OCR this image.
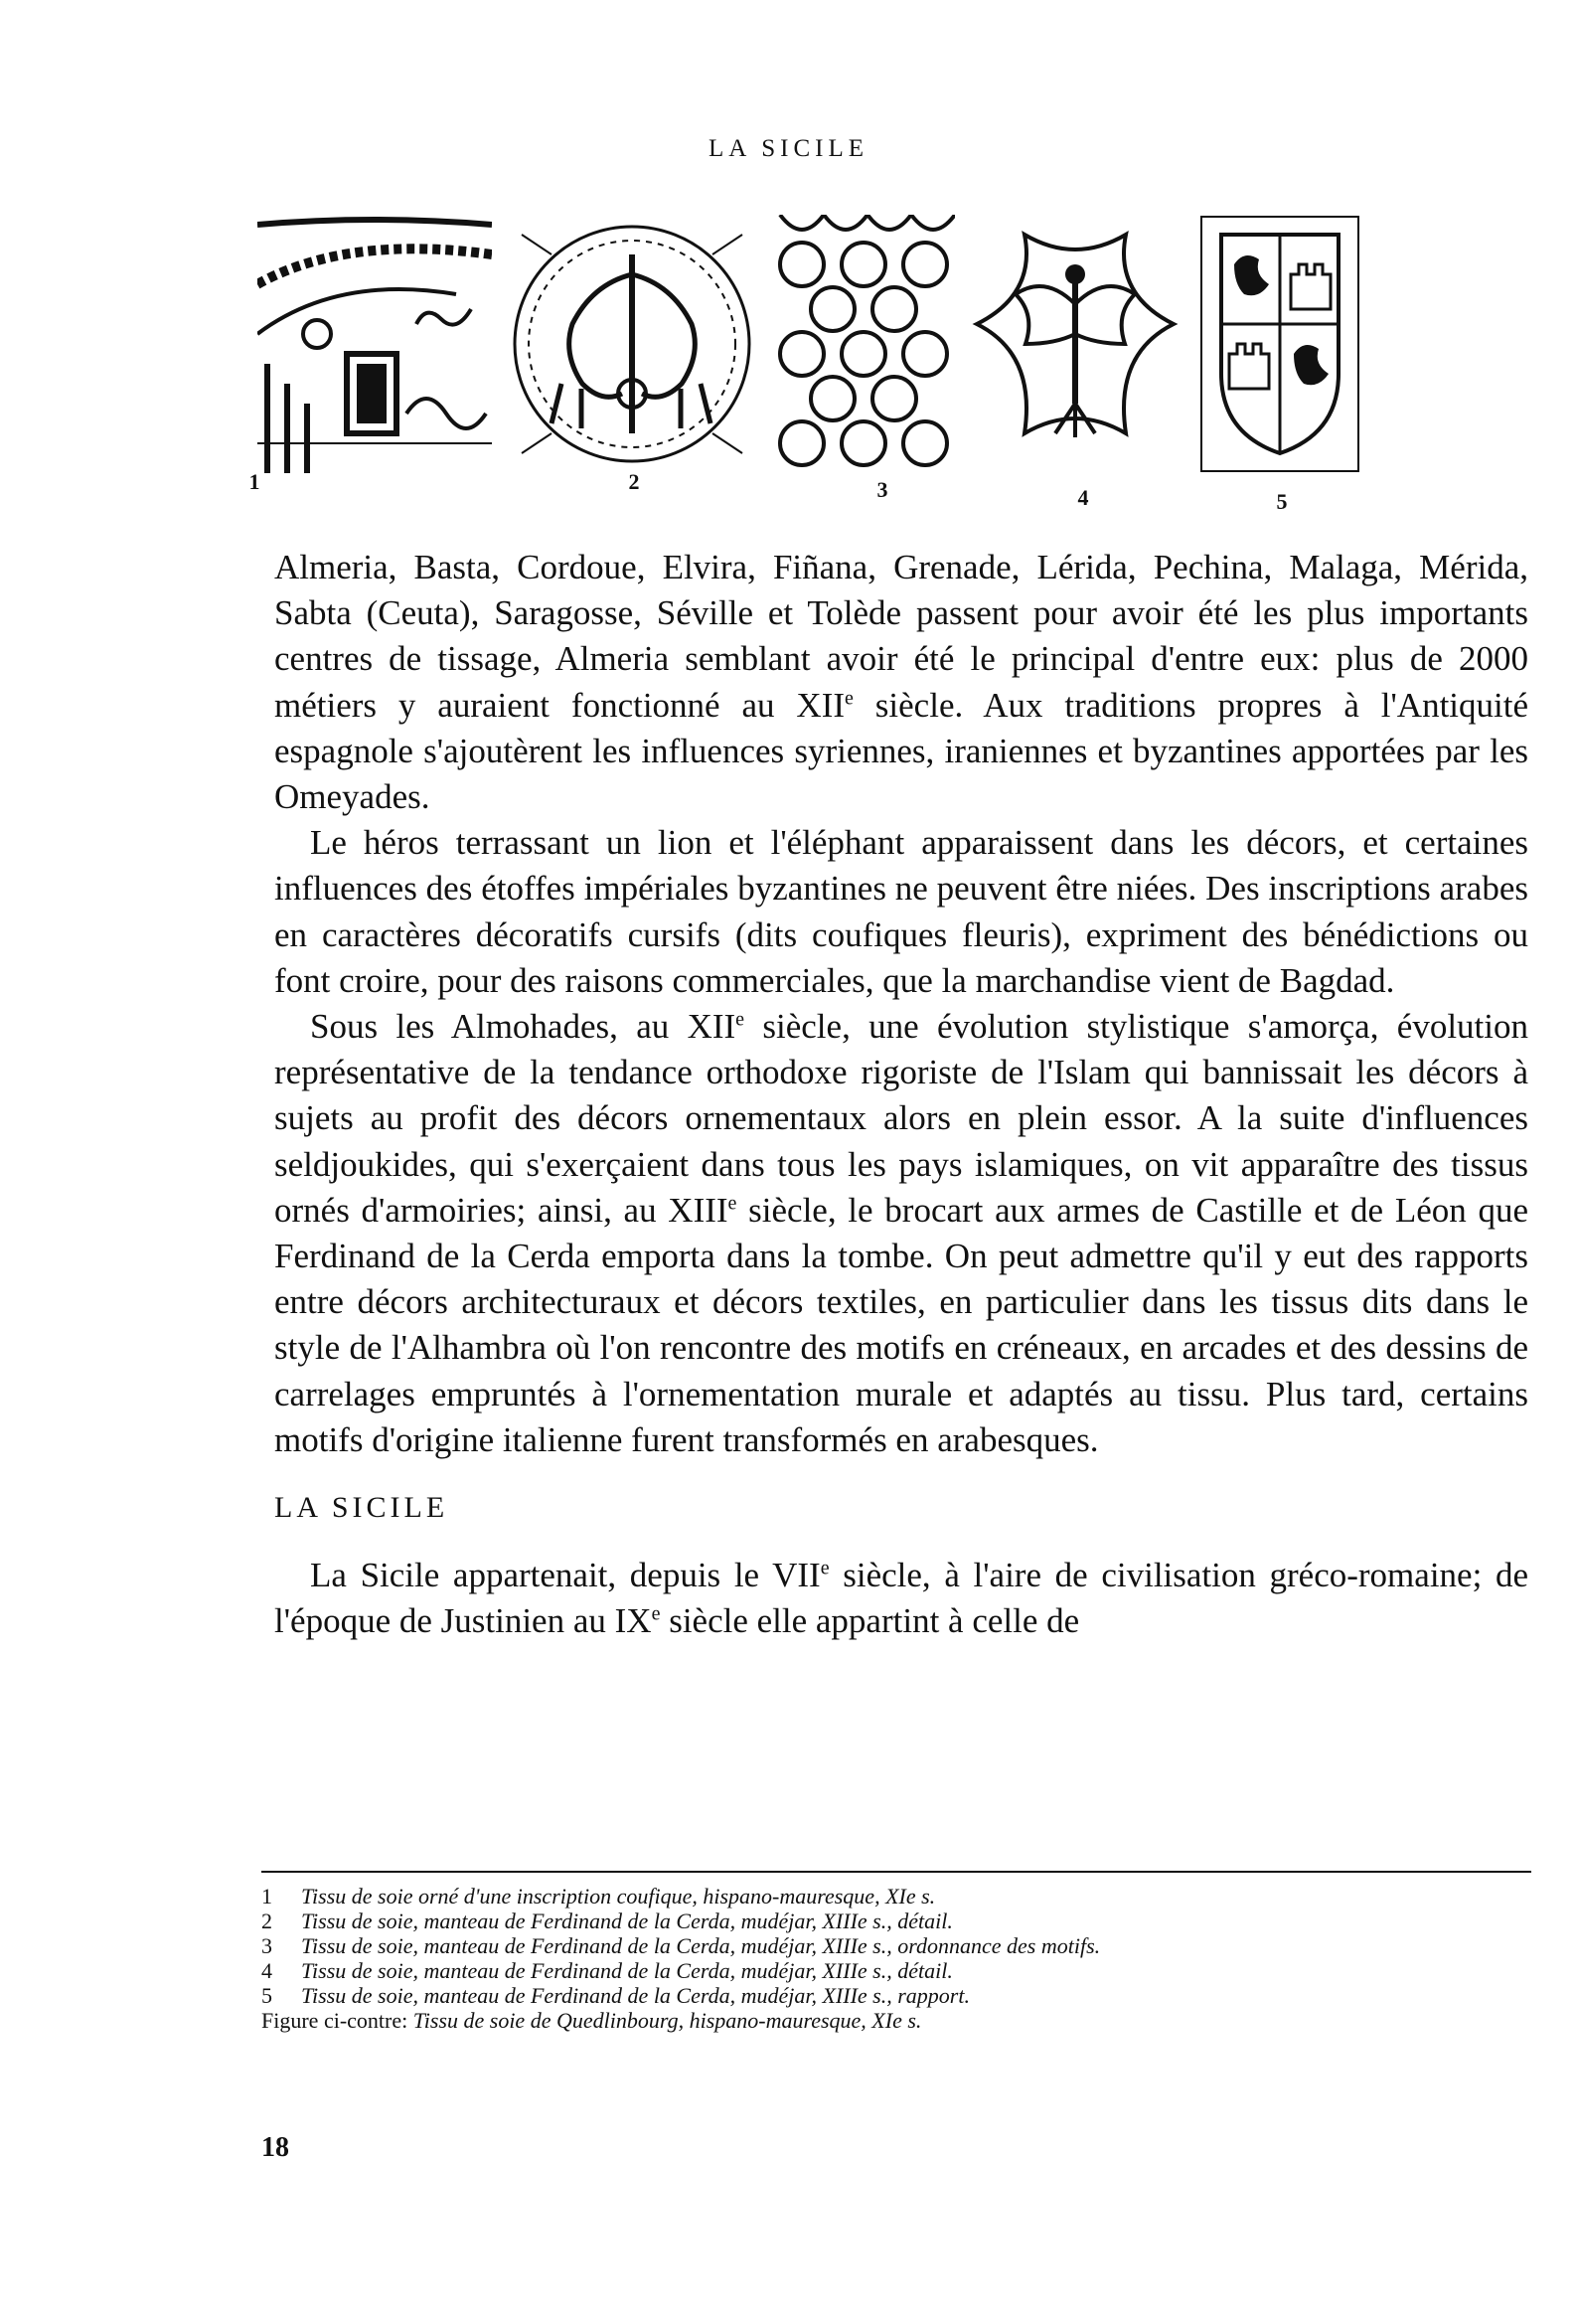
LA SICILE
1	2	3	4	5

Almeria, Basta, Cordoue, Elvira, Fiñana, Grenade, Lérida, Pechina, Malaga, Mérida, Sabta (Ceuta), Saragosse, Séville et Tolède passent pour avoir été les plus importants centres de tissage, Almeria semblant avoir été le principal d'entre eux: plus de 2000 métiers y auraient fonctionné au XIIe siècle. Aux traditions propres à l'Antiquité espagnole s'ajoutèrent les influences syriennes, iraniennes et byzantines apportées par les Omeyades.

Le héros terrassant un lion et l'éléphant apparaissent dans les décors, et certaines influences des étoffes impériales byzantines ne peuvent être niées. Des inscriptions arabes en caractères décoratifs cursifs (dits coufiques fleuris), expriment des bénédictions ou font croire, pour des raisons commerciales, que la marchandise vient de Bagdad.

Sous les Almohades, au XIIe siècle, une évolution stylistique s'amorça, évolution représentative de la tendance orthodoxe rigoriste de l'Islam qui bannissait les décors à sujets au profit des décors ornementaux alors en plein essor. A la suite d'influences seldjoukides, qui s'exerçaient dans tous les pays islamiques, on vit apparaître des tissus ornés d'armoiries; ainsi, au XIIIe siècle, le brocart aux armes de Castille et de Léon que Ferdinand de la Cerda emporta dans la tombe. On peut admettre qu'il y eut des rapports entre décors architecturaux et décors textiles, en particulier dans les tissus dits dans le style de l'Alhambra où l'on rencontre des motifs en créneaux, en arcades et des dessins de carrelages empruntés à l'ornementation murale et adaptés au tissu. Plus tard, certains motifs d'origine italienne furent transformés en arabesques.

LA SICILE

La Sicile appartenait, depuis le VIIe siècle, à l'aire de civilisation gréco-romaine; de l'époque de Justinien au IXe siècle elle appartint à celle de

1	Tissu de soie orné d'une inscription coufique, hispano-mauresque, XIe s.
2	Tissu de soie, manteau de Ferdinand de la Cerda, mudéjar, XIIIe s., détail.
3	Tissu de soie, manteau de Ferdinand de la Cerda, mudéjar, XIIIe s., ordonnance des motifs.
4	Tissu de soie, manteau de Ferdinand de la Cerda, mudéjar, XIIIe s., détail.
5	Tissu de soie, manteau de Ferdinand de la Cerda, mudéjar, XIIIe s., rapport.
Figure ci-contre:
Tissu de soie de Quedlinbourg, hispano-mauresque, XIe s.
18
